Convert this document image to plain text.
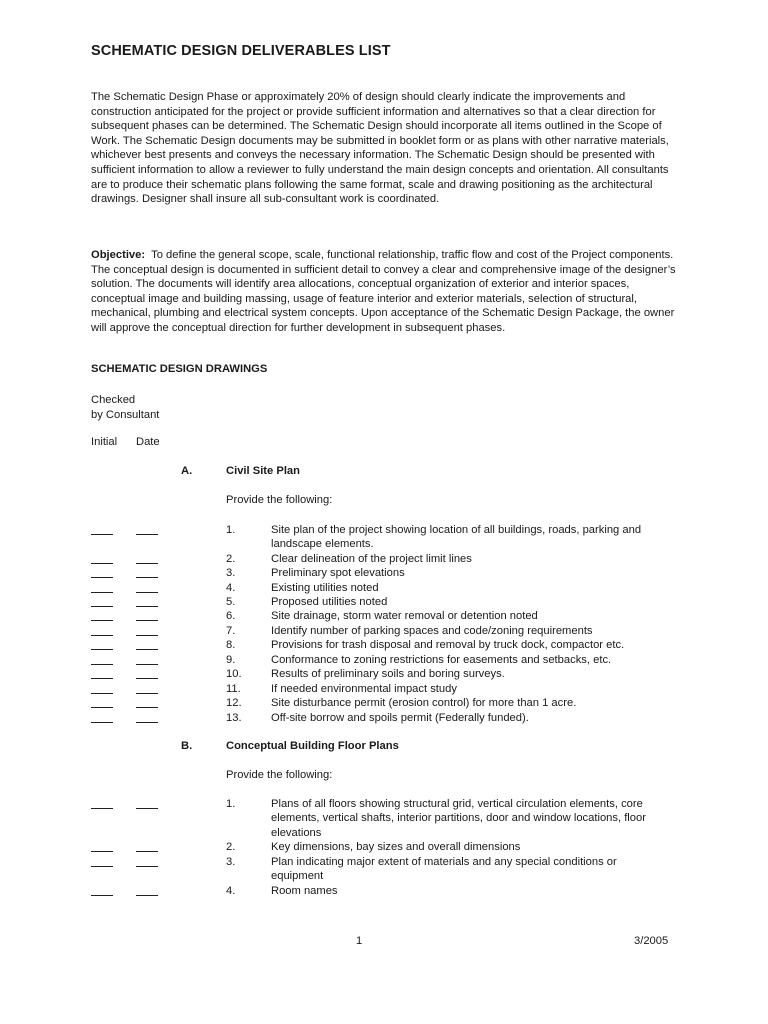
SCHEMATIC DESIGN DELIVERABLES LIST

The Schematic Design Phase or approximately 20% of design should clearly indicate the improvements and construction anticipated for the project or provide sufficient information and alternatives so that a clear direction for subsequent phases can be determined. The Schematic Design should incorporate all items outlined in the Scope of Work. The Schematic Design documents may be submitted in booklet form or as plans with other narrative materials, whichever best presents and conveys the necessary information. The Schematic Design should be presented with sufficient information to allow a reviewer to fully understand the main design concepts and orientation. All consultants are to produce their schematic plans following the same format, scale and drawing positioning as the architectural drawings. Designer shall insure all sub-consultant work is coordinated.

Objective: To define the general scope, scale, functional relationship, traffic flow and cost of the Project components. The conceptual design is documented in sufficient detail to convey a clear and comprehensive image of the designer’s solution. The documents will identify area allocations, conceptual organization of exterior and interior spaces, conceptual image and building massing, usage of feature interior and exterior materials, selection of structural, mechanical, plumbing and electrical system concepts. Upon acceptance of the Schematic Design Package, the owner will approve the conceptual direction for further development in subsequent phases.

SCHEMATIC DESIGN DRAWINGS
Checked
by Consultant
Initial Date
A.	Civil Site Plan
Provide the following:
1.	Site plan of the project showing location of all buildings, roads, parking and landscape elements.
2.	Clear delineation of the project limit lines
3.	Preliminary spot elevations
4.	Existing utilities noted
5.	Proposed utilities noted
6.	Site drainage, storm water removal or detention noted
7.	Identify number of parking spaces and code/zoning requirements
8.	Provisions for trash disposal and removal by truck dock, compactor etc.
9.	Conformance to zoning restrictions for easements and setbacks, etc.
10.	Results of preliminary soils and boring surveys.
11.	If needed environmental impact study
12.	Site disturbance permit (erosion control) for more than 1 acre.
13.	Off-site borrow and spoils permit (Federally funded).
B.	Conceptual Building Floor Plans
Provide the following:
1.	Plans of all floors showing structural grid, vertical circulation elements, core elements, vertical shafts, interior partitions, door and window locations, floor elevations
2.	Key dimensions, bay sizes and overall dimensions
3.	Plan indicating major extent of materials and any special conditions or equipment
4.	Room names
1	3/2005
